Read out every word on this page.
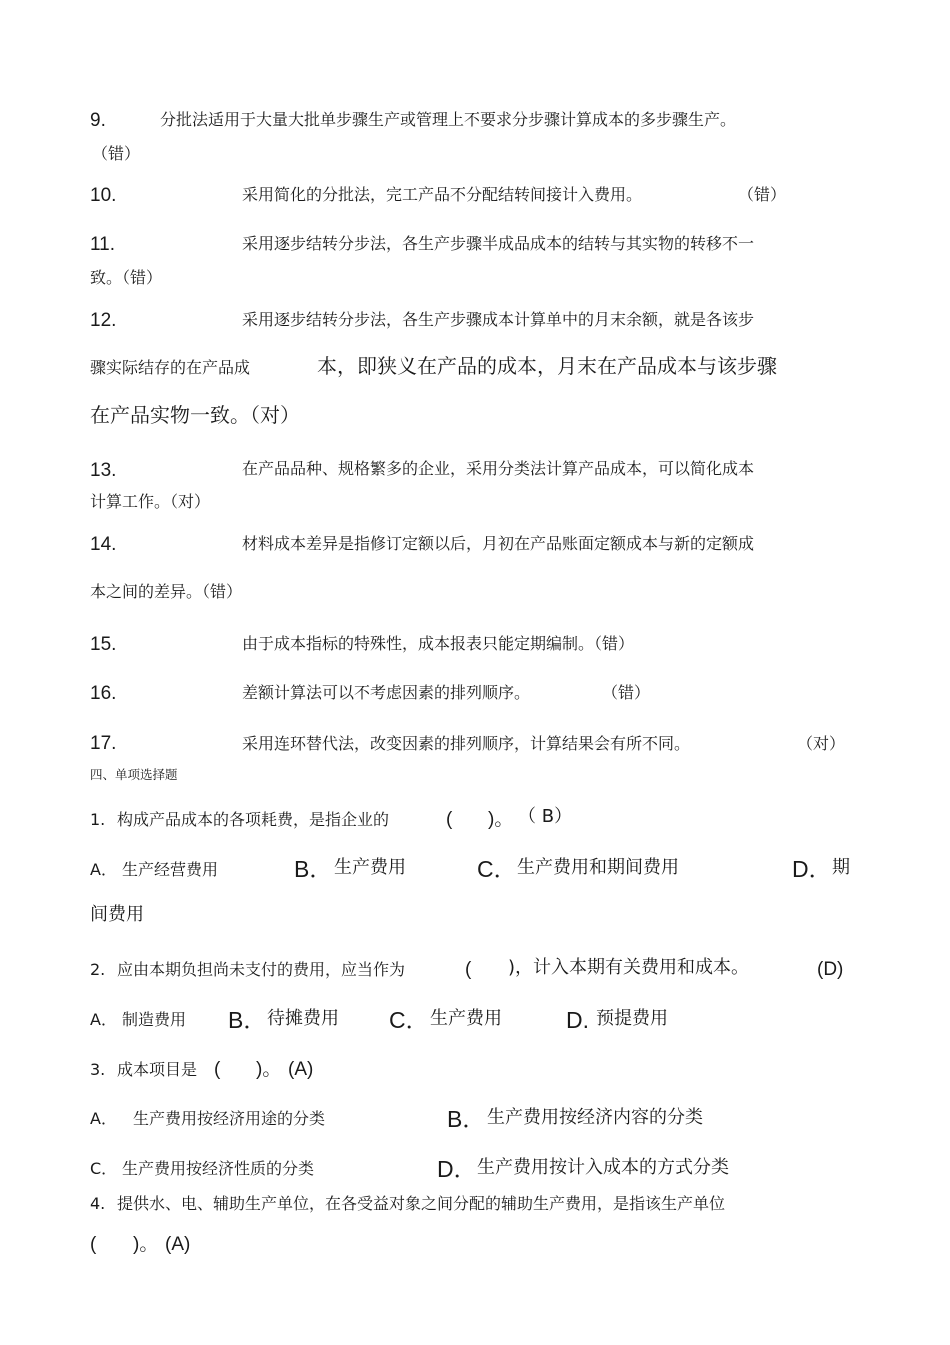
9.	分批法适用于大量大批单步骤生产或管理上不要求分步骤计算成本的多步骤生产。
（错）
10.	采用简化的分批法，完工产品不分配结转间接计入费用。	（错）
11.	采用逐步结转分步法，各生产步骤半成品成本的结转与其实物的转移不一
致。（错）
12.	采用逐步结转分步法，各生产步骤成本计算单中的月末余额，就是各该步
骤实际结存的在产品成	本，即狭义在产品的成本，月末在产品成本与该步骤
在产品实物一致。（对）
13.	在产品品种、规格繁多的企业，采用分类法计算产品成本，可以简化成本
计算工作。（对）
14.	材料成本差异是指修订定额以后，月初在产品账面定额成本与新的定额成
本之间的差异。（错）
15.	由于成本指标的特殊性，成本报表只能定期编制。（错）
16.	差额计算法可以不考虑因素的排列顺序。	（错）
17.	采用连环替代法，改变因素的排列顺序，计算结果会有所不同。	（对）
四、单项选择题
1. 构成产品成本的各项耗费，是指企业的	( )。 （ B）
A． 生产经营费用	B． 生产费用	C． 生产费用和期间费用	D． 期
间费用
2. 应由本期负担尚未支付的费用，应当作为	( )，计入本期有关费用和成本。	(D)
A． 制造费用 B． 待摊费用 C． 生产费用	D. 预提费用
3. 成本项目是 ( )。 (A)
A． 生产费用按经济用途的分类	B． 生产费用按经济内容的分类
C． 生产费用按经济性质的分类	D． 生产费用按计入成本的方式分类
4. 提供水、电、辅助生产单位，在各受益对象之间分配的辅助生产费用，是指该生产单位
( )。 (A)
